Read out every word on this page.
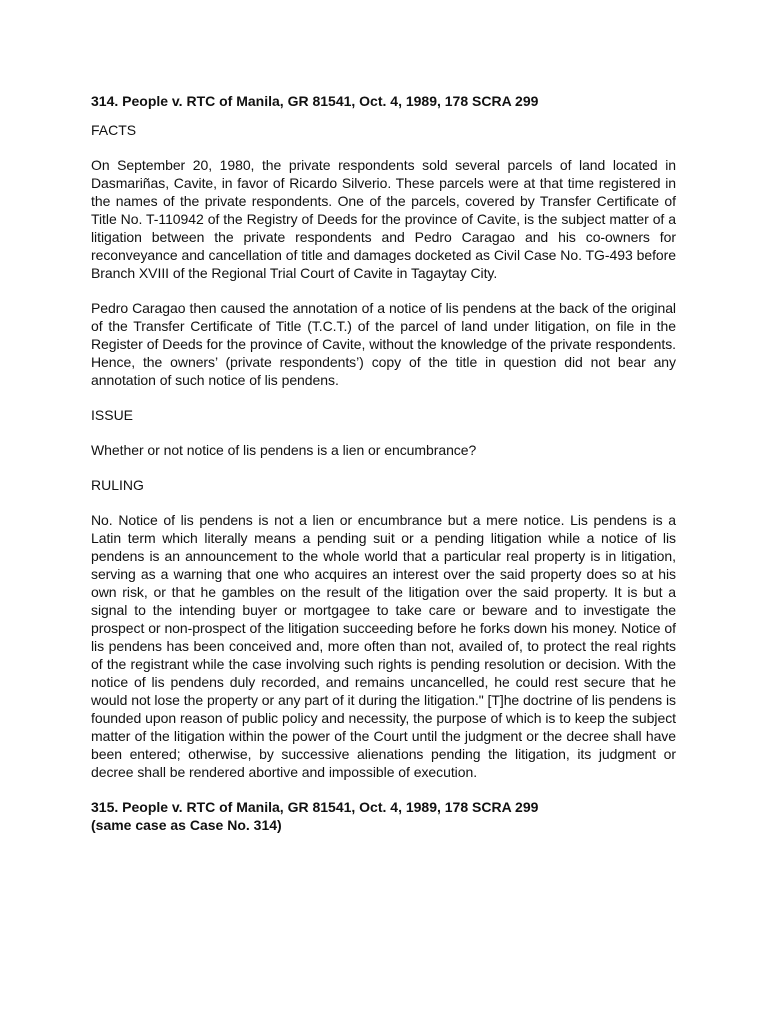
314. People v. RTC of Manila, GR 81541, Oct. 4, 1989, 178 SCRA 299

FACTS

On September 20, 1980, the private respondents sold several parcels of land located in Dasmariñas, Cavite, in favor of Ricardo Silverio. These parcels were at that time registered in the names of the private respondents. One of the parcels, covered by Transfer Certificate of Title No. T-110942 of the Registry of Deeds for the province of Cavite, is the subject matter of a litigation between the private respondents and Pedro Caragao and his co-owners for reconveyance and cancellation of title and damages docketed as Civil Case No. TG-493 before Branch XVIII of the Regional Trial Court of Cavite in Tagaytay City.

Pedro Caragao then caused the annotation of a notice of lis pendens at the back of the original of the Transfer Certificate of Title (T.C.T.) of the parcel of land under litigation, on file in the Register of Deeds for the province of Cavite, without the knowledge of the private respondents. Hence, the owners’ (private respondents’) copy of the title in question did not bear any annotation of such notice of lis pendens.

ISSUE

Whether or not notice of lis pendens is a lien or encumbrance?

RULING

No. Notice of lis pendens is not a lien or encumbrance but a mere notice. Lis pendens is a Latin term which literally means a pending suit or a pending litigation while a notice of lis pendens is an announcement to the whole world that a particular real property is in litigation, serving as a warning that one who acquires an interest over the said property does so at his own risk, or that he gambles on the result of the litigation over the said property. It is but a signal to the intending buyer or mortgagee to take care or beware and to investigate the prospect or non-prospect of the litigation succeeding before he forks down his money. Notice of lis pendens has been conceived and, more often than not, availed of, to protect the real rights of the registrant while the case involving such rights is pending resolution or decision. With the notice of lis pendens duly recorded, and remains uncancelled, he could rest secure that he would not lose the property or any part of it during the litigation." [T]he doctrine of lis pendens is founded upon reason of public policy and necessity, the purpose of which is to keep the subject matter of the litigation within the power of the Court until the judgment or the decree shall have been entered; otherwise, by successive alienations pending the litigation, its judgment or decree shall be rendered abortive and impossible of execution.

315. People v. RTC of Manila, GR 81541, Oct. 4, 1989, 178 SCRA 299

(same case as Case No. 314)
